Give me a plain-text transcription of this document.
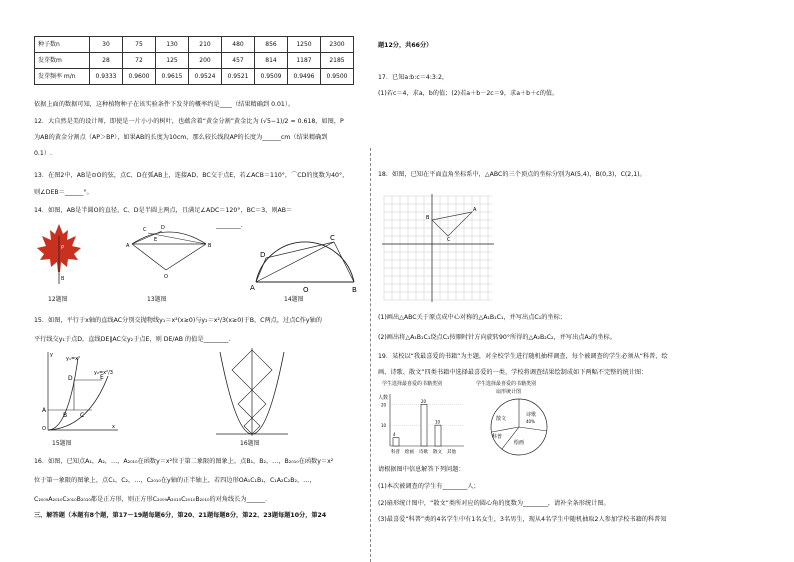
种子数n	30	75	130	210	480	856	1250	2300
发芽数m	28	72	125	200	457	814	1187	2185
发芽频率 m/n	0.9333	0.9600	0.9615	0.9524	0.9521	0.9509	0.9496	0.9500
依据上面的数据可知，这种植物种子在该实验条件下发芽的概率约是____（结果精确到 0.01）。
12．大自然是美的设计师，即使是一片小小的树叶，也蕴含着“黄金分割”黄金比为 (√5−1)/2 ≈ 0.618，如图，P
为AB的黄金分割点（AP＞BP），如果AB的长度为10cm，那么较长线段AP的长度为______cm（结果精确到
0.1）.
13．在图2中，AB是⊙O的弦，点C、D在弧AB上，连接AD、BC交于点E，若∠ACB＝110°，⌒CD的度数为40°，
则∠DEB＝______°。
14．如图，AB是半圆O的直径，C、D是半圆上两点，且满足∠ADC＝120°，BC＝3，则AB＝
________.
P
B
A	B
C	D
E
O
A	B
O
D
C
12题图	13题图	14题图
15．如图，平行于x轴的直线AC分别交抛物线y₁＝x²(x≥0)与y₂＝x²/3(x≥0)于B，C两点，过点C作y轴的
平行线交y₁于点D，直线DE∥AC交y₂于点E，则 DE/AB 的值是________.
y₁=x²
y₂=x²/3
D	E
A
B C
O	x
y
15题图	16题图
16．如图，已知点A₁，A₂，…，A₂₀₁₀在函数y＝x²位于第二象限的图象上，点B₁，B₂，…，B₂₀₁₀在函数y＝x²
位于第一象限的图象上，点C₁，C₂，…，C₂₀₁₀在y轴的正半轴上，若四边形OA₁C₁B₁，C₁A₂C₂B₂，…，
C₂₀₀₉A₂₀₁₀C₂₀₁₀B₂₀₁₀都是正方形，则正方形C₂₀₀₉A₂₀₁₀C₂₀₁₀B₂₀₁₀的对角线长为______.
三、解答题（本题有8个题，第17～19题每题6分，第20、21题每题8分，第22、23题每题10分，第24
题12分，共66分）
17．已知a:b:c＝4:3:2，
(1)若c＝4，求a，b的值；(2)若a＋b－2c＝9，求a＋b＋c的值。
18．如图，已知在平面直角坐标系中，△ABC的三个顶点的坐标分别为A(5,4)，B(0,3)，C(2,1)。
A
B
C
(1)画出△ABC关于原点成中心对称的△A₁B₁C₁，并写出点C₁的坐标；
(2)画出将△A₁B₁C₁绕点C₁按顺时针方向旋转90°所得的△A₂B₂C₂，并写出点A₂的坐标。
19．某校以“我最喜爱的书籍”为主题，对全校学生进行随机抽样调查，每个被调查的学生必须从“科普、绘
画、诗歌、散文”四类书籍中选择最喜爱的一类，学校将调查结果绘制成如下两幅不完整的统计图：
学生选择最喜爱的书籍类别
人数
20
10
4
科普 绘画
20
诗歌
10
散文 其他
学生选择最喜爱的书籍类别
扇形统计图
诗歌
40%
散文
科普
绘画
请根据图中信息解答下列问题：
(1)本次被调查的学生有________人；
(2)扇形统计图中，“散文”类所对应的圆心角的度数为________，请补全条形统计图。
(3)最喜爱“科普”类的4名学生中有1名女生，3名男生，现从4名学生中随机抽取2人参加学校书籍的科普知
